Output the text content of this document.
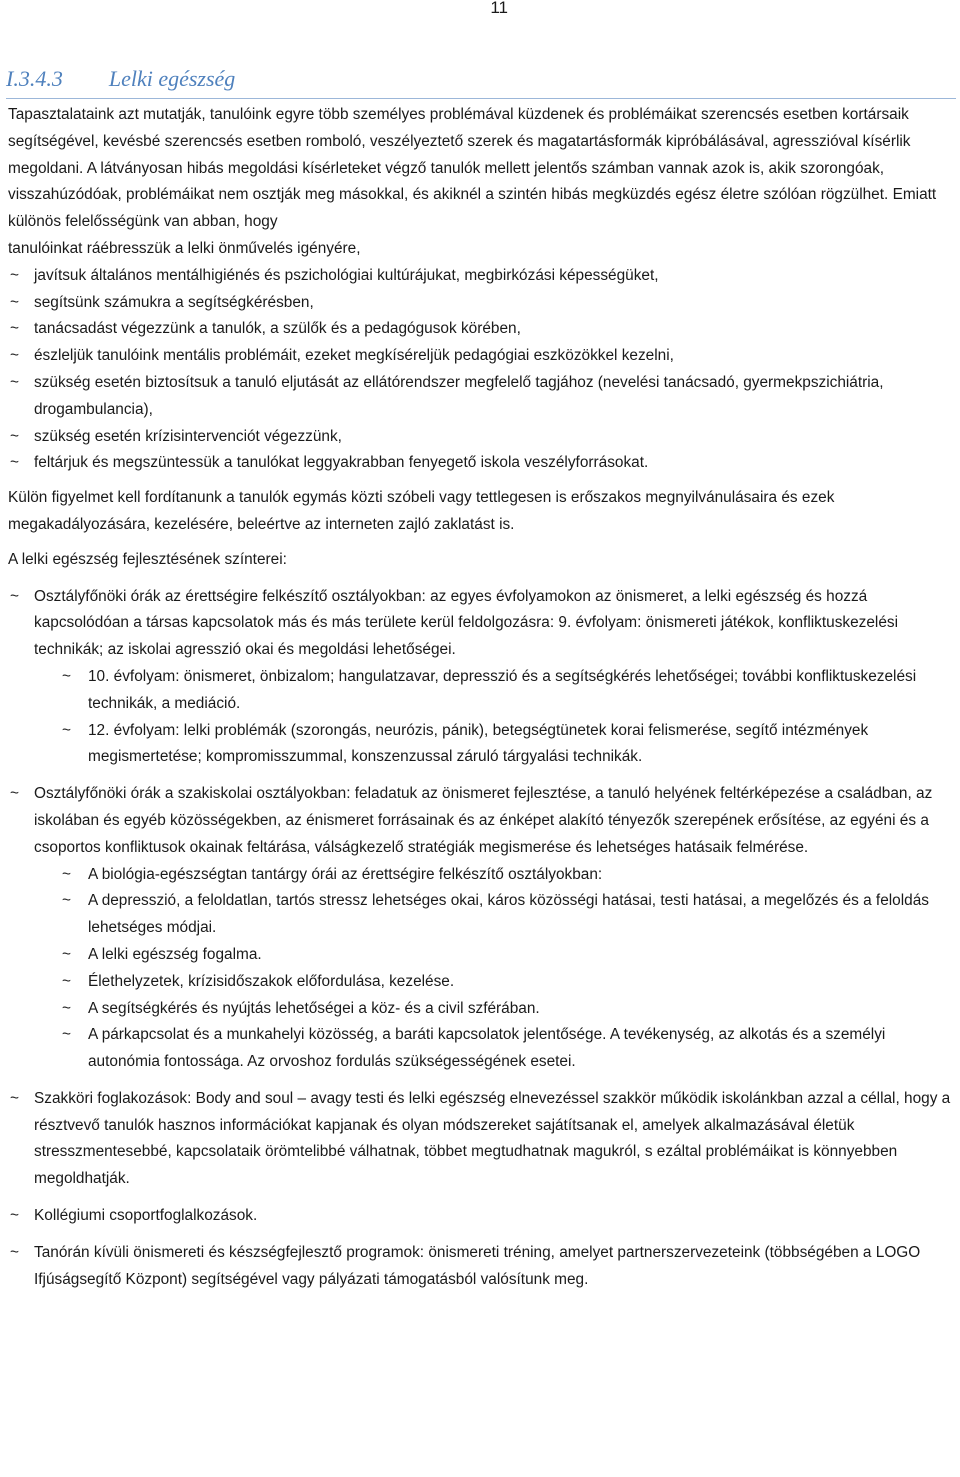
11
I.3.4.3 Lelki egészség

Tapasztalataink azt mutatják, tanulóink egyre több személyes problémával küzdenek és problémáikat szerencsés esetben kortársaik segítségével, kevésbé szerencsés esetben romboló, veszélyeztető szerek és magatartásformák kipróbálásával, agresszióval kísérlik megoldani. A látványosan hibás megoldási kísérleteket végző tanulók mellett jelentős számban vannak azok is, akik szorongóak, visszahúzódóak, problémáikat nem osztják meg másokkal, és akiknél a szintén hibás megküzdés egész életre szólóan rögzülhet. Emiatt különös felelősségünk van abban, hogy

tanulóinkat ráébresszük a lelki önművelés igényére,

~ javítsuk általános mentálhigiénés és pszichológiai kultúrájukat, megbirkózási képességüket,
~ segítsünk számukra a segítségkérésben,
~ tanácsadást végezzünk a tanulók, a szülők és a pedagógusok körében,
~ észleljük tanulóink mentális problémáit, ezeket megkíséreljük pedagógiai eszközökkel kezelni,
~ szükség esetén biztosítsuk a tanuló eljutását az ellátórendszer megfelelő tagjához (nevelési tanácsadó, gyermekpszichiátria, drogambulancia),
~ szükség esetén krízisintervenciót végezzünk,
~ feltárjuk és megszüntessük a tanulókat leggyakrabban fenyegető iskola veszélyforrásokat.

Külön figyelmet kell fordítanunk a tanulók egymás közti szóbeli vagy tettlegesen is erőszakos megnyilvánulásaira és ezek megakadályozására, kezelésére, beleértve az interneten zajló zaklatást is.

A lelki egészség fejlesztésének színterei:

~ Osztályfőnöki órák az érettségire felkészítő osztályokban: az egyes évfolyamokon az önismeret, a lelki egészség és hozzá kapcsolódóan a társas kapcsolatok más és más területe kerül feldolgozásra: 9. évfolyam: önismereti játékok, konfliktuskezelési technikák; az iskolai agresszió okai és megoldási lehetőségei.
~ 10. évfolyam: önismeret, önbizalom; hangulatzavar, depresszió és a segítségkérés lehetőségei; további konfliktuskezelési technikák, a mediáció.
~ 12. évfolyam: lelki problémák (szorongás, neurózis, pánik), betegségtünetek korai felismerése, segítő intézmények megismertetése; kompromisszummal, konszenzussal záruló tárgyalási technikák.
~ Osztályfőnöki órák a szakiskolai osztályokban: feladatuk az önismeret fejlesztése, a tanuló helyének feltérképezése a családban, az iskolában és egyéb közösségekben, az énismeret forrásainak és az énképet alakító tényezők szerepének erősítése, az egyéni és a csoportos konfliktusok okainak feltárása, válságkezelő stratégiák megismerése és lehetséges hatásaik felmérése.
~ A biológia-egészségtan tantárgy órái az érettségire felkészítő osztályokban:
~ A depresszió, a feloldatlan, tartós stressz lehetséges okai, káros közösségi hatásai, testi hatásai, a megelőzés és a feloldás lehetséges módjai.
~ A lelki egészség fogalma.
~ Élethelyzetek, krízisidőszakok előfordulása, kezelése.
~ A segítségkérés és nyújtás lehetőségei a köz- és a civil szférában.
~ A párkapcsolat és a munkahelyi közösség, a baráti kapcsolatok jelentősége. A tevékenység, az alkotás és a személyi autonómia fontossága. Az orvoshoz fordulás szükségességének esetei.
~ Szakköri foglakozások: Body and soul – avagy testi és lelki egészség elnevezéssel szakkör működik iskolánkban azzal a céllal, hogy a résztvevő tanulók hasznos információkat kapjanak és olyan módszereket sajátítsanak el, amelyek alkalmazásával életük stresszmentesebbé, kapcsolataik örömtelibbé válhatnak, többet megtudhatnak magukról, s ezáltal problémáikat is könnyebben megoldhatják.
~ Kollégiumi csoportfoglalkozások.
~ Tanórán kívüli önismereti és készségfejlesztő programok: önismereti tréning, amelyet partnerszervezeteink (többségében a LOGO Ifjúságsegítő Központ) segítségével vagy pályázati támogatásból valósítunk meg.
